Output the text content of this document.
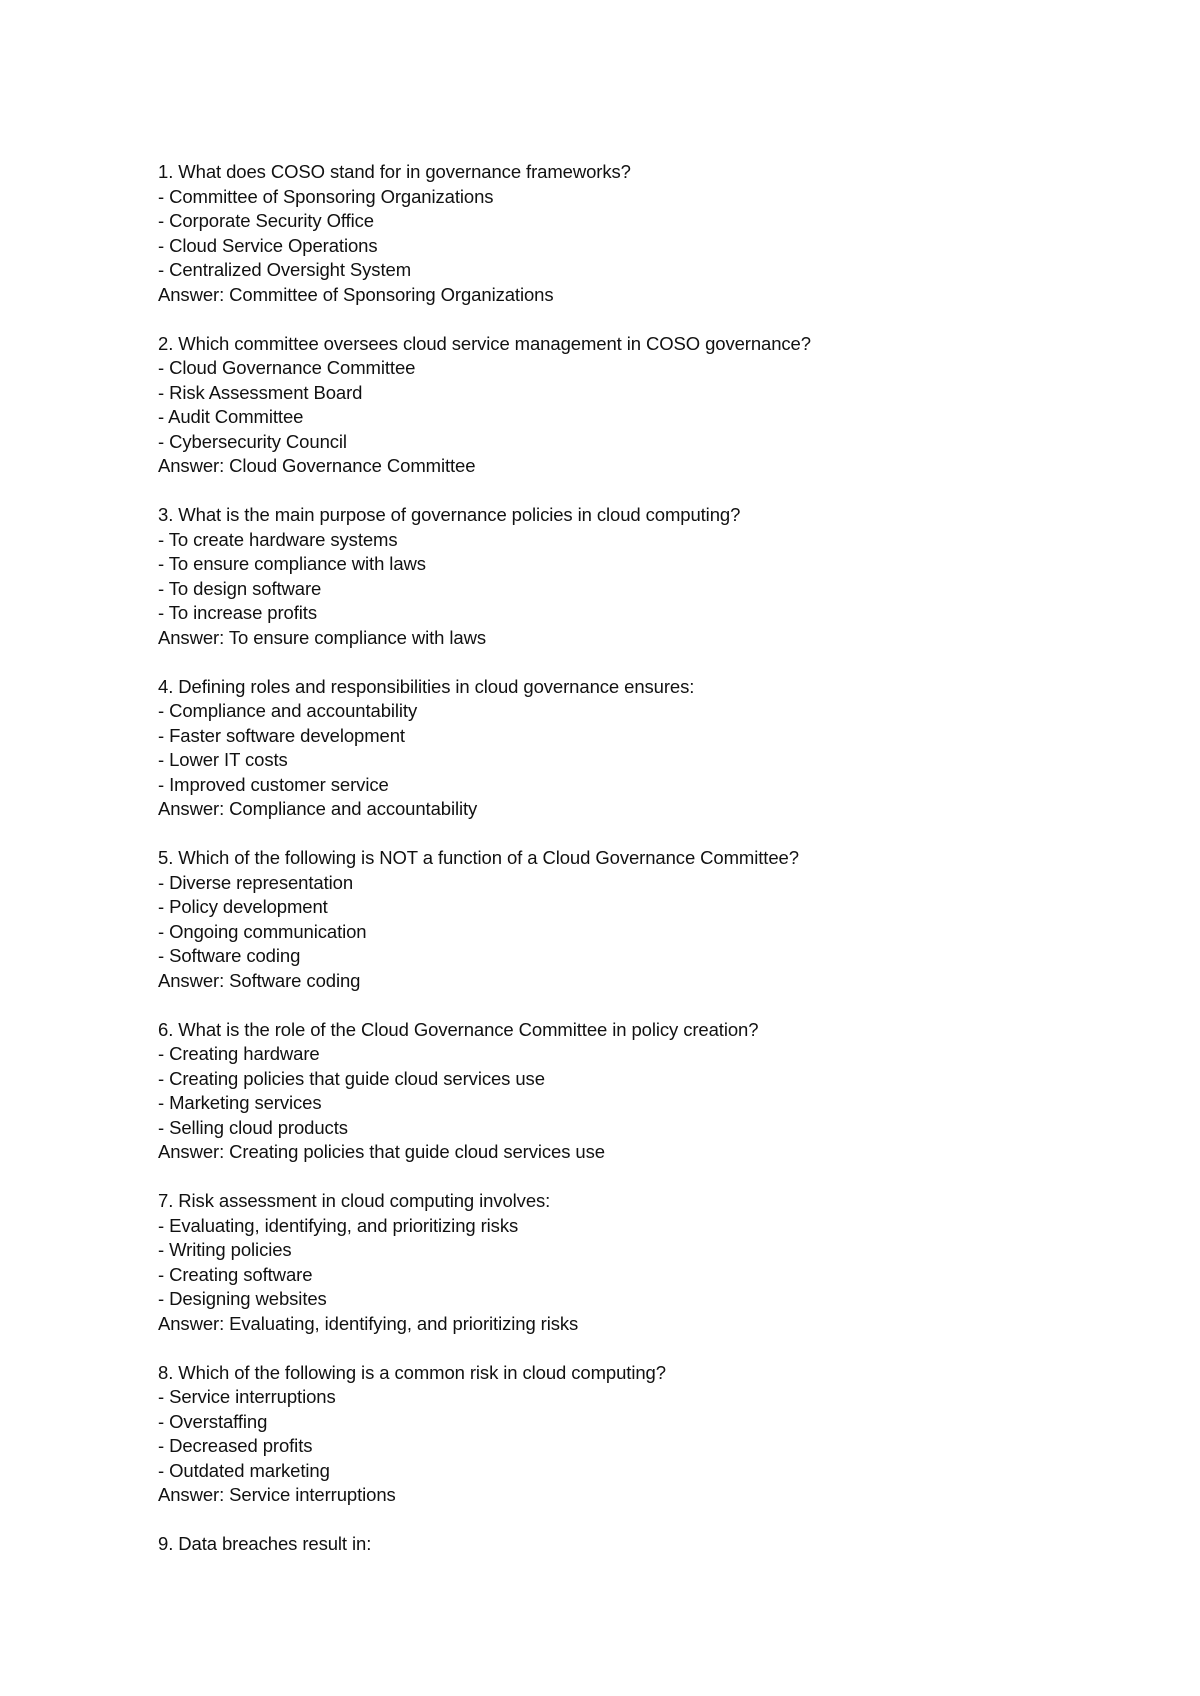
1. What does COSO stand for in governance frameworks?
- Committee of Sponsoring Organizations
- Corporate Security Office
- Cloud Service Operations
- Centralized Oversight System
Answer: Committee of Sponsoring Organizations
2. Which committee oversees cloud service management in COSO governance?
- Cloud Governance Committee
- Risk Assessment Board
- Audit Committee
- Cybersecurity Council
Answer: Cloud Governance Committee
3. What is the main purpose of governance policies in cloud computing?
- To create hardware systems
- To ensure compliance with laws
- To design software
- To increase profits
Answer: To ensure compliance with laws
4. Defining roles and responsibilities in cloud governance ensures:
- Compliance and accountability
- Faster software development
- Lower IT costs
- Improved customer service
Answer: Compliance and accountability
5. Which of the following is NOT a function of a Cloud Governance Committee?
- Diverse representation
- Policy development
- Ongoing communication
- Software coding
Answer: Software coding
6. What is the role of the Cloud Governance Committee in policy creation?
- Creating hardware
- Creating policies that guide cloud services use
- Marketing services
- Selling cloud products
Answer: Creating policies that guide cloud services use
7. Risk assessment in cloud computing involves:
- Evaluating, identifying, and prioritizing risks
- Writing policies
- Creating software
- Designing websites
Answer: Evaluating, identifying, and prioritizing risks
8. Which of the following is a common risk in cloud computing?
- Service interruptions
- Overstaffing
- Decreased profits
- Outdated marketing
Answer: Service interruptions
9. Data breaches result in:
